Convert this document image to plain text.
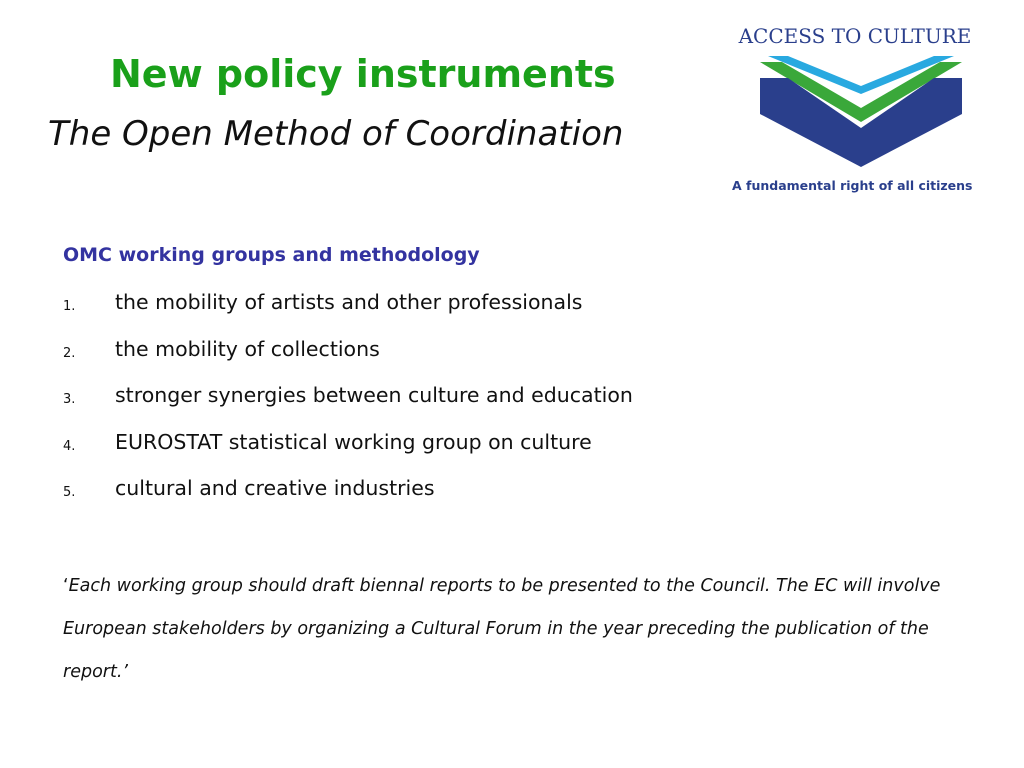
New policy instruments
The Open Method of Coordination
ACCESS TO CULTURE
A fundamental right of all citizens
OMC working groups and methodology
1. the mobility of artists and other professionals
2. the mobility of collections
3. stronger synergies between culture and education
4. EUROSTAT statistical working group on culture
5. cultural and creative industries

‘Each working group should draft biennal reports to be presented to the Council. The EC will involve European stakeholders by organizing a Cultural Forum in the year preceding the publication of the report.’
